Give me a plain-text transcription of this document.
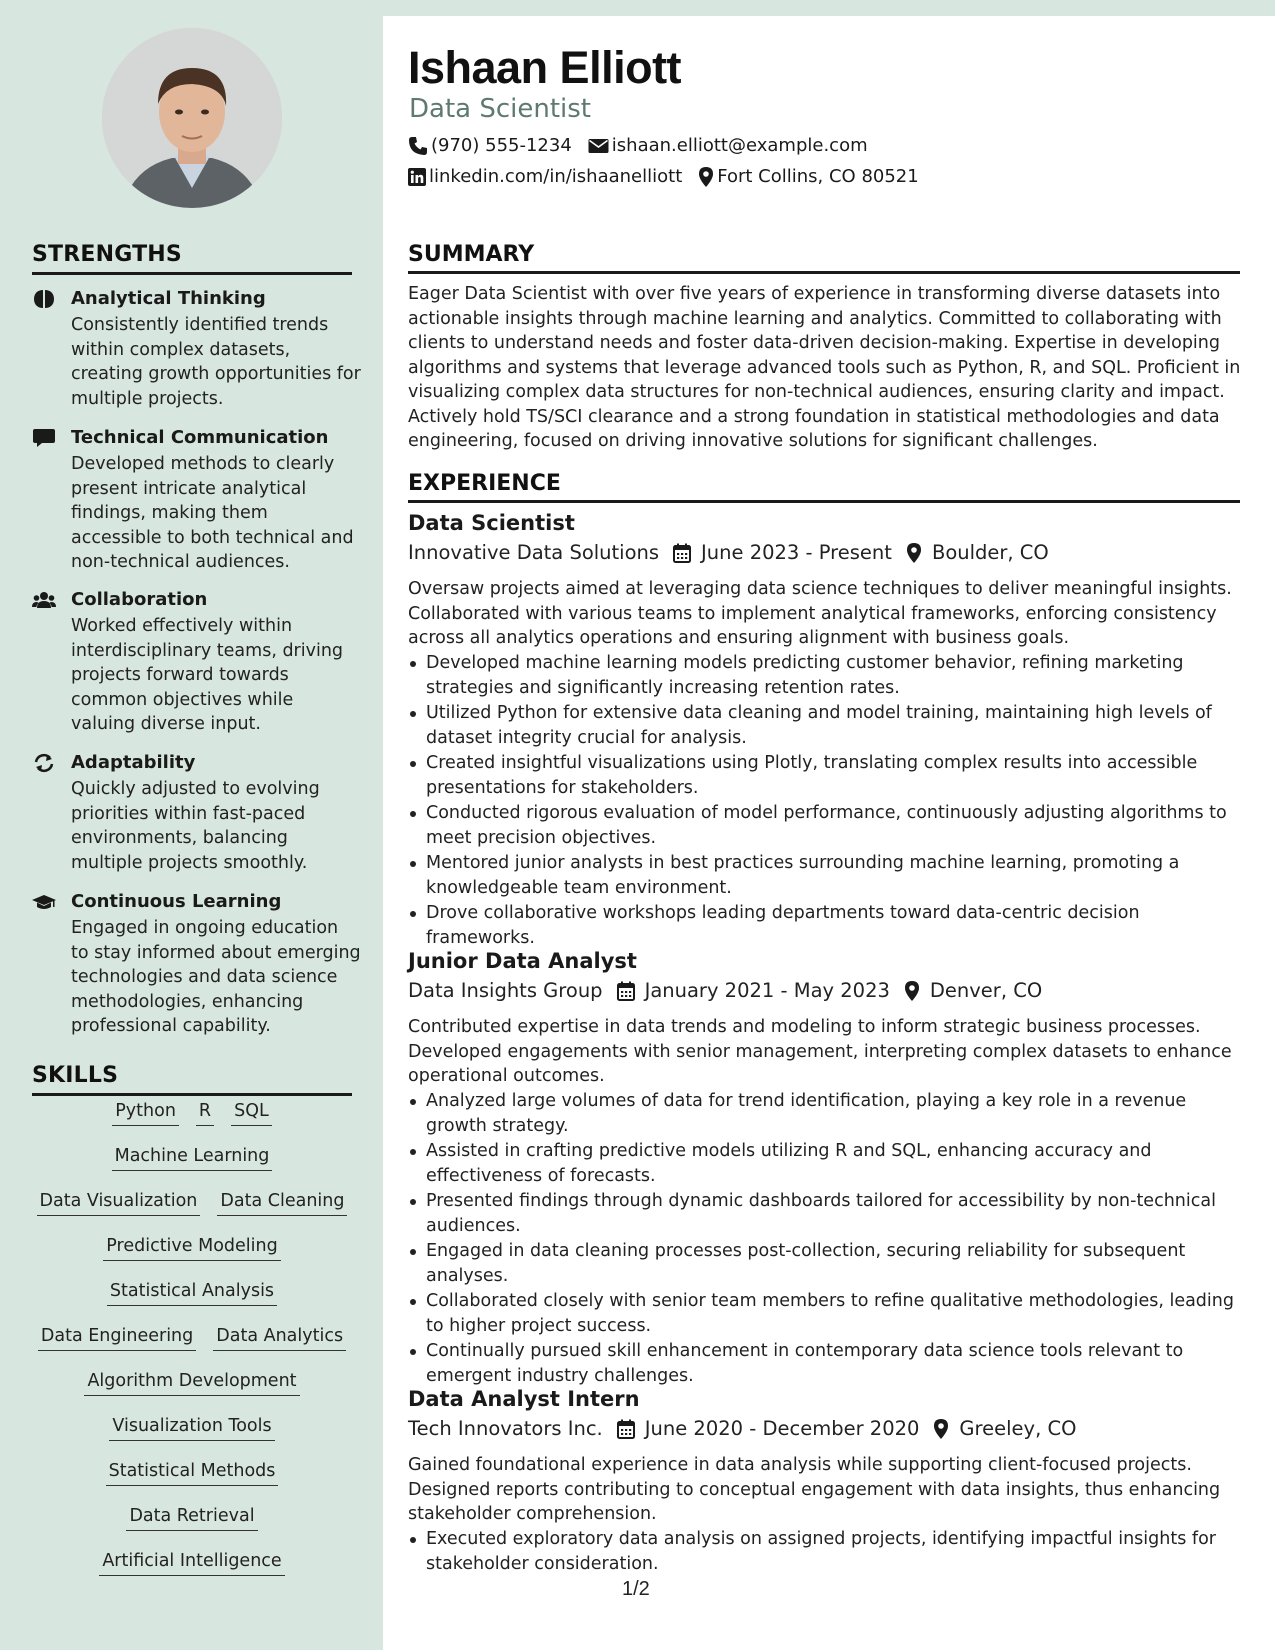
STRENGTHS
Analytical Thinking
Consistently identified trends within complex datasets, creating growth opportunities for multiple projects.
Technical Communication
Developed methods to clearly present intricate analytical findings, making them accessible to both technical and non-technical audiences.
Collaboration
Worked effectively within interdisciplinary teams, driving projects forward towards common objectives while valuing diverse input.
Adaptability
Quickly adjusted to evolving priorities within fast-paced environments, balancing multiple projects smoothly.
Continuous Learning
Engaged in ongoing education to stay informed about emerging technologies and data science methodologies, enhancing professional capability.
SKILLS
Python R SQL
Machine Learning
Data Visualization Data Cleaning
Predictive Modeling
Statistical Analysis
Data Engineering Data Analytics
Algorithm Development
Visualization Tools
Statistical Methods
Data Retrieval
Artificial Intelligence
Ishaan Elliott
Data Scientist
(970) 555-1234 ishaan.elliott@example.com
linkedin.com/in/ishaanelliott Fort Collins, CO 80521
SUMMARY
Eager Data Scientist with over five years of experience in transforming diverse datasets into actionable insights through machine learning and analytics. Committed to collaborating with clients to understand needs and foster data-driven decision-making. Expertise in developing algorithms and systems that leverage advanced tools such as Python, R, and SQL. Proficient in visualizing complex data structures for non-technical audiences, ensuring clarity and impact. Actively hold TS/SCI clearance and a strong foundation in statistical methodologies and data engineering, focused on driving innovative solutions for significant challenges.
EXPERIENCE
Data Scientist
Innovative Data Solutions June 2023 - Present Boulder, CO
Oversaw projects aimed at leveraging data science techniques to deliver meaningful insights. Collaborated with various teams to implement analytical frameworks, enforcing consistency across all analytics operations and ensuring alignment with business goals.
Developed machine learning models predicting customer behavior, refining marketing strategies and significantly increasing retention rates.
Utilized Python for extensive data cleaning and model training, maintaining high levels of dataset integrity crucial for analysis.
Created insightful visualizations using Plotly, translating complex results into accessible presentations for stakeholders.
Conducted rigorous evaluation of model performance, continuously adjusting algorithms to meet precision objectives.
Mentored junior analysts in best practices surrounding machine learning, promoting a knowledgeable team environment.
Drove collaborative workshops leading departments toward data-centric decision frameworks.
Junior Data Analyst
Data Insights Group January 2021 - May 2023 Denver, CO
Contributed expertise in data trends and modeling to inform strategic business processes. Developed engagements with senior management, interpreting complex datasets to enhance operational outcomes.
Analyzed large volumes of data for trend identification, playing a key role in a revenue growth strategy.
Assisted in crafting predictive models utilizing R and SQL, enhancing accuracy and effectiveness of forecasts.
Presented findings through dynamic dashboards tailored for accessibility by non-technical audiences.
Engaged in data cleaning processes post-collection, securing reliability for subsequent analyses.
Collaborated closely with senior team members to refine qualitative methodologies, leading to higher project success.
Continually pursued skill enhancement in contemporary data science tools relevant to emergent industry challenges.
Data Analyst Intern
Tech Innovators Inc. June 2020 - December 2020 Greeley, CO
Gained foundational experience in data analysis while supporting client-focused projects. Designed reports contributing to conceptual engagement with data insights, thus enhancing stakeholder comprehension.
Executed exploratory data analysis on assigned projects, identifying impactful insights for stakeholder consideration.
1/2
